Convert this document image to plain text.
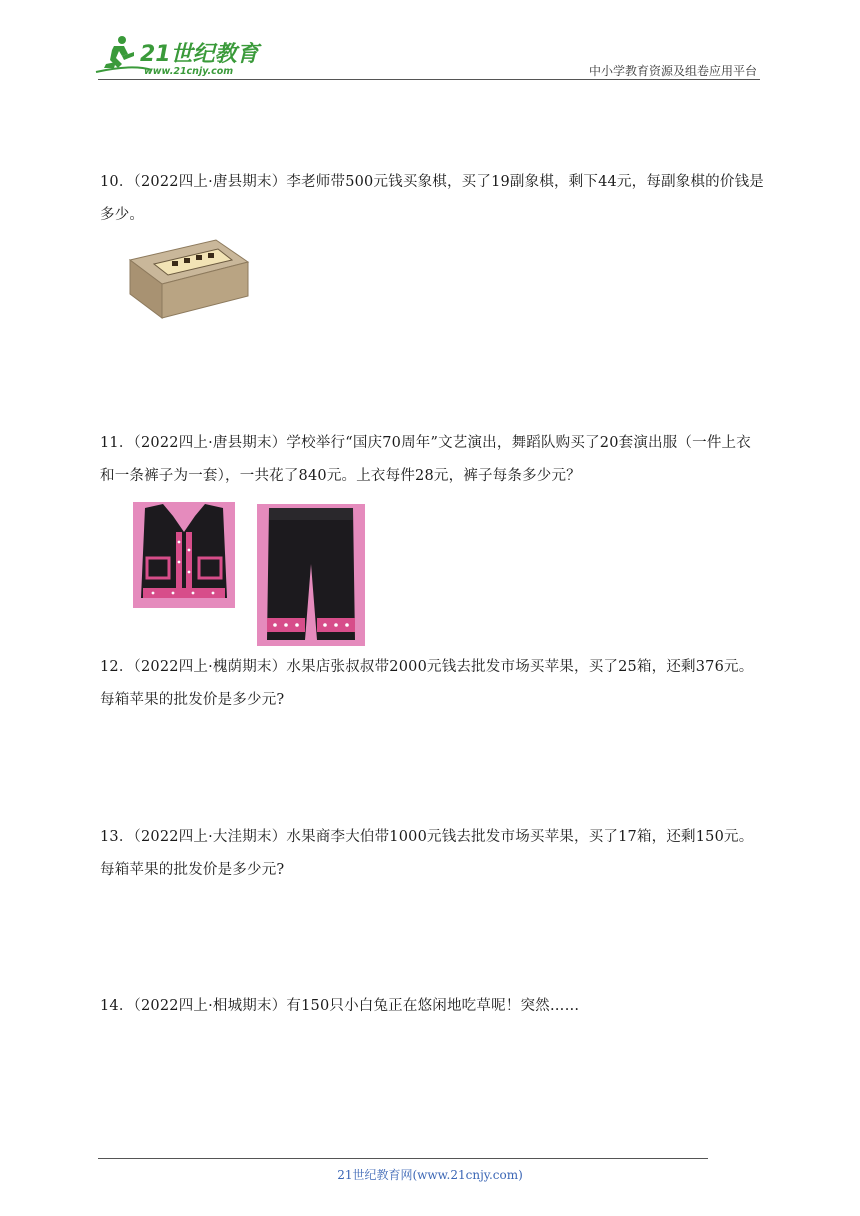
21世纪教育
www.21cnjy.com	中小学教育资源及组卷应用平台
10．（2022四上·唐县期末）李老师带500元钱买象棋，买了19副象棋，剩下44元，每副象棋的价钱是多少。
11．（2022四上·唐县期末）学校举行“国庆70周年”文艺演出，舞蹈队购买了20套演出服（一件上衣和一条裤子为一套），一共花了840元。上衣每件28元，裤子每条多少元？
12．（2022四上·槐荫期末）水果店张叔叔带2000元钱去批发市场买苹果，买了25箱，还剩376元。每箱苹果的批发价是多少元?
13．（2022四上·大洼期末）水果商李大伯带1000元钱去批发市场买苹果，买了17箱，还剩150元。每箱苹果的批发价是多少元?
14．（2022四上·相城期末）有150只小白兔正在悠闲地吃草呢！突然……
21世纪教育网(www.21cnjy.com)
